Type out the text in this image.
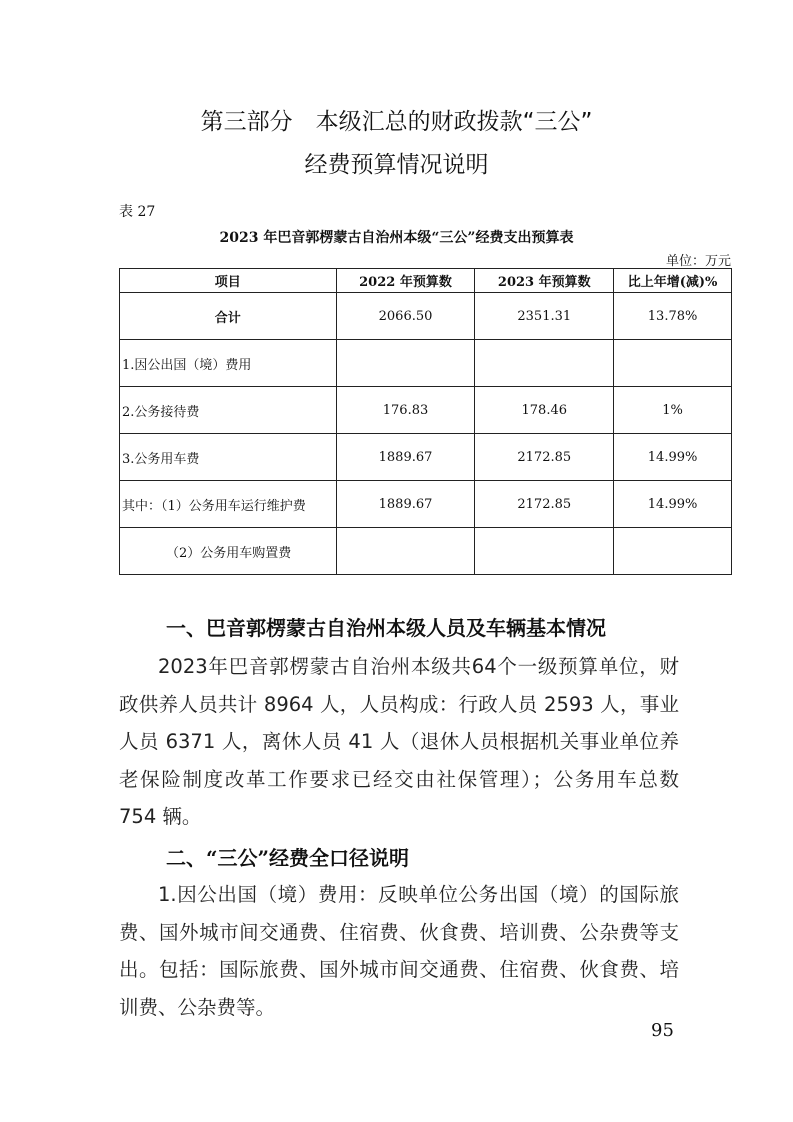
第三部分　本级汇总的财政拨款“三公”
经费预算情况说明
表 27
2023 年巴音郭楞蒙古自治州本级“三公”经费支出预算表
单位：万元
项目	2022 年预算数	2023 年预算数	比上年增(减)%
合计	2066.50	2351.31	13.78%
1.因公出国（境）费用			
2.公务接待费	176.83	178.46	1%
3.公务用车费	1889.67	2172.85	14.99%
其中：（1）公务用车运行维护费	1889.67	2172.85	14.99%
（2）公务用车购置费			
一、巴音郭楞蒙古自治州本级人员及车辆基本情况
2023年巴音郭楞蒙古自治州本级共64个一级预算单位，财政供养人员共计 8964 人，人员构成：行政人员 2593 人，事业人员 6371 人，离休人员 41 人（退休人员根据机关事业单位养老保险制度改革工作要求已经交由社保管理）；公务用车总数 754 辆。
二、“三公”经费全口径说明
1.因公出国（境）费用：反映单位公务出国（境）的国际旅费、国外城市间交通费、住宿费、伙食费、培训费、公杂费等支出。包括：国际旅费、国外城市间交通费、住宿费、伙食费、培训费、公杂费等。
95
